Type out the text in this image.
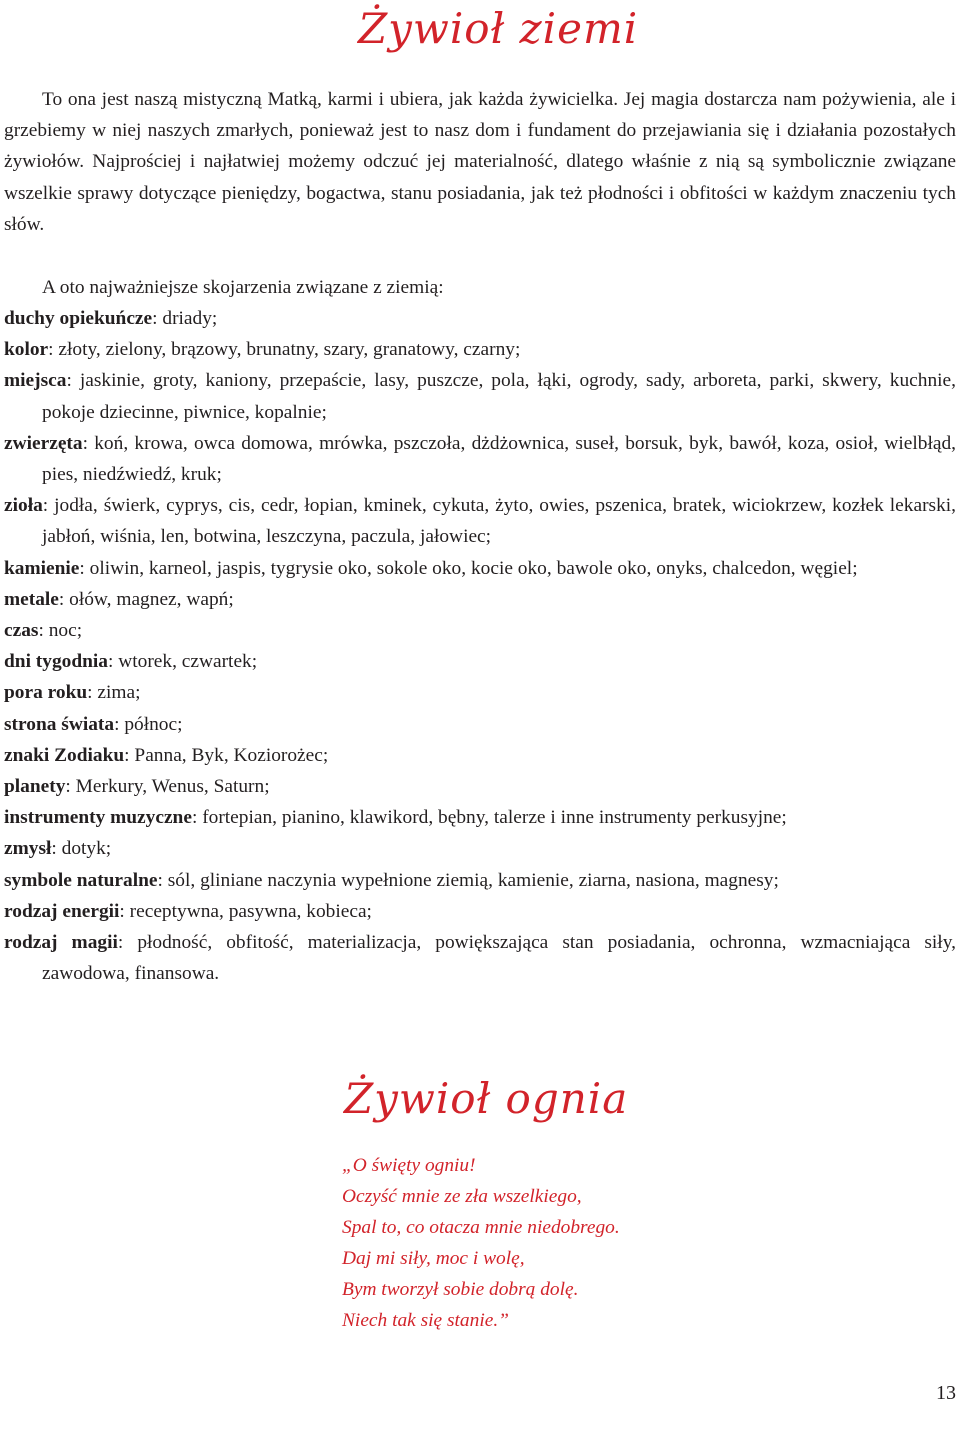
Żywioł ziemi

To ona jest naszą mistyczną Matką, karmi i ubiera, jak każda żywicielka. Jej magia dostarcza nam pożywienia, ale i grzebiemy w niej naszych zmarłych, ponieważ jest to nasz dom i fundament do przejawiania się i działania pozostałych żywiołów. Najprościej i najłatwiej możemy odczuć jej materialność, dlatego właśnie z nią są symbolicznie związane wszelkie sprawy dotyczące pieniędzy, bogactwa, stanu posiadania, jak też płodności i obfitości w każdym znaczeniu tych słów.

A oto najważniejsze skojarzenia związane z ziemią:

duchy opiekuńcze: driady;
kolor: złoty, zielony, brązowy, brunatny, szary, granatowy, czarny;
miejsca: jaskinie, groty, kaniony, przepaście, lasy, puszcze, pola, łąki, ogrody, sady, arboreta, parki, skwery, kuchnie, pokoje dziecinne, piwnice, kopalnie;
zwierzęta: koń, krowa, owca domowa, mrówka, pszczoła, dżdżownica, suseł, borsuk, byk, bawół, koza, osioł, wielbłąd, pies, niedźwiedź, kruk;
zioła: jodła, świerk, cyprys, cis, cedr, łopian, kminek, cykuta, żyto, owies, pszenica, bratek, wiciokrzew, kozłek lekarski, jabłoń, wiśnia, len, botwina, leszczyna, paczula, jałowiec;
kamienie: oliwin, karneol, jaspis, tygrysie oko, sokole oko, kocie oko, bawole oko, onyks, chalcedon, węgiel;
metale: ołów, magnez, wapń;
czas: noc;
dni tygodnia: wtorek, czwartek;
pora roku: zima;
strona świata: północ;
znaki Zodiaku: Panna, Byk, Koziorożec;
planety: Merkury, Wenus, Saturn;
instrumenty muzyczne: fortepian, pianino, klawikord, bębny, talerze i inne instrumenty perkusyjne;
zmysł: dotyk;
symbole naturalne: sól, gliniane naczynia wypełnione ziemią, kamienie, ziarna, nasiona, magnesy;
rodzaj energii: receptywna, pasywna, kobieca;
rodzaj magii: płodność, obfitość, materializacja, powiększająca stan posiadania, ochronna, wzmacniająca siły, zawodowa, finansowa.
Żywioł ognia
„O święty ogniu!
Oczyść mnie ze zła wszelkiego,
Spal to, co otacza mnie niedobrego.
Daj mi siły, moc i wolę,
Bym tworzył sobie dobrą dolę.
Niech tak się stanie.”
13
